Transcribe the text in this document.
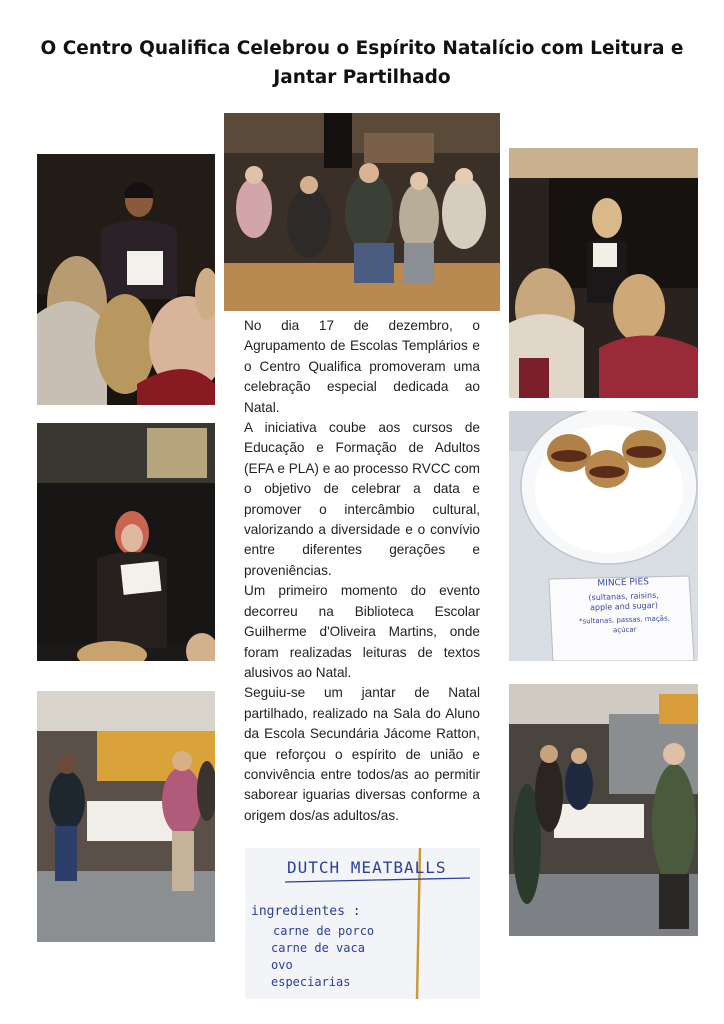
O Centro Qualifica Celebrou o Espírito Natalício com Leitura e
Jantar Partilhado
MINCE PIES
(sultanas, raisins,
apple and sugar)
*sultanas, passas, maçãs,
açúcar
DUTCH MEATBALLS
ingredientes :
carne de porco
carne de vaca
ovo
especiarias

No dia 17 de dezembro, o Agrupamento de Escolas Templários e o Centro Qualifica promoveram uma celebração especial dedicada ao Natal.

A iniciativa coube aos cursos de Educação e Formação de Adultos (EFA e PLA) e ao processo RVCC com o objetivo de celebrar a data e promover o intercâmbio cultural, valorizando a diversidade e o convívio entre diferentes gerações e proveniências.

Um primeiro momento do evento decorreu na Biblioteca Escolar Guilherme d'Oliveira Martins, onde foram realizadas leituras de textos alusivos ao Natal.

Seguiu-se um jantar de Natal partilhado, realizado na Sala do Aluno da Escola Secundária Jácome Ratton, que reforçou o espírito de união e convivência entre todos/as ao permitir saborear iguarias diversas conforme a origem dos/as adultos/as.
